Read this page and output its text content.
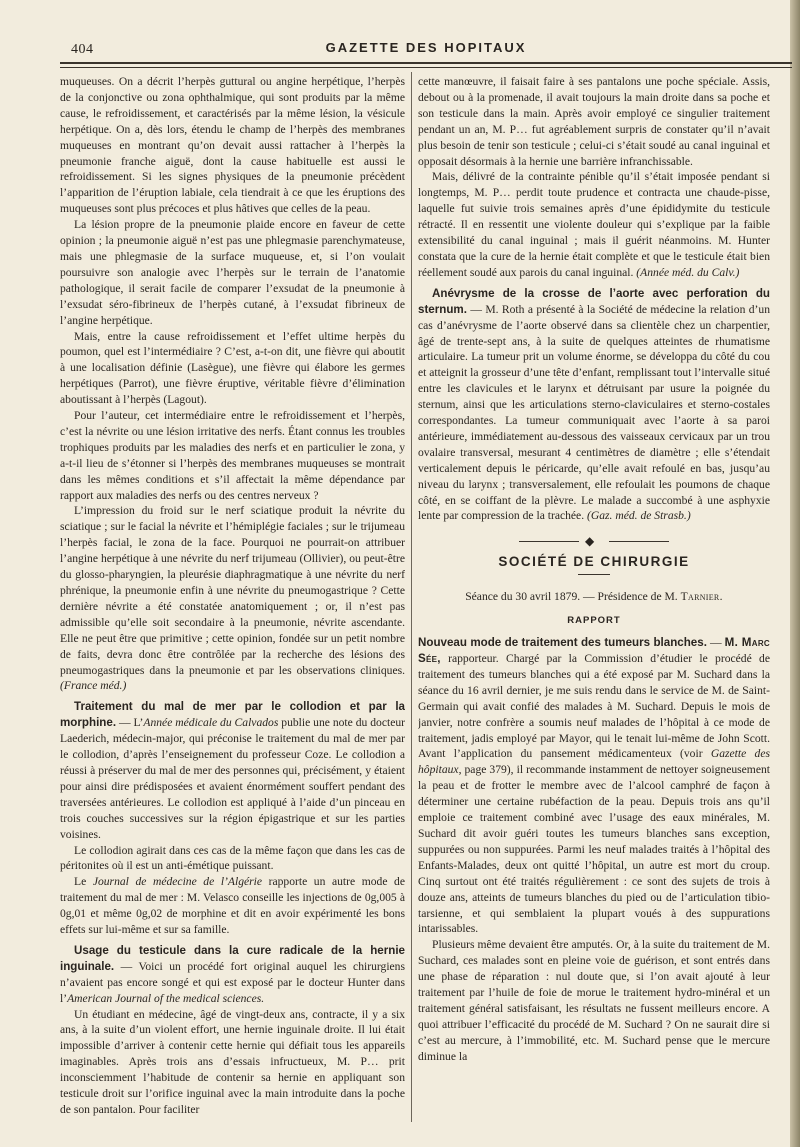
404	GAZETTE DES HOPITAUX

muqueuses. On a décrit l’herpès guttural ou angine herpétique, l’herpès de la conjonctive ou zona ophthalmique, qui sont produits par la même cause, le refroidissement, et caractérisés par la même lésion, la vésicule herpétique. On a, dès lors, étendu le champ de l’herpès des membranes muqueuses en montrant qu’on devait aussi rattacher à l’herpès la pneumonie franche aiguë, dont la cause habituelle est aussi le refroidissement. Si les signes physiques de la pneumonie précèdent l’apparition de l’éruption labiale, cela tiendrait à ce que les éruptions des muqueuses sont plus précoces et plus hâtives que celles de la peau.

La lésion propre de la pneumonie plaide encore en faveur de cette opinion ; la pneumonie aiguë n’est pas une phlegmasie parenchymateuse, mais une phlegmasie de la surface muqueuse, et, si l’on voulait poursuivre son analogie avec l’herpès sur le terrain de l’anatomie pathologique, il serait facile de comparer l’exsudat de la pneumonie à l’exsudat séro-fibrineux de l’herpès cutané, à l’exsudat fibrineux de l’angine herpétique.

Mais, entre la cause refroidissement et l’effet ultime herpès du poumon, quel est l’intermédiaire ? C’est, a-t-on dit, une fièvre qui aboutit à une localisation définie (Lasègue), une fièvre qui élabore les germes herpétiques (Parrot), une fièvre éruptive, véritable fièvre d’élimination aboutissant à l’herpès (Lagout).

Pour l’auteur, cet intermédiaire entre le refroidissement et l’herpès, c’est la névrite ou une lésion irritative des nerfs. Étant connus les troubles trophiques produits par les maladies des nerfs et en particulier le zona, y a-t-il lieu de s’étonner si l’herpès des membranes muqueuses se montrait dans les mêmes conditions et s’il affectait la même dépendance par rapport aux maladies des nerfs ou des centres nerveux ?

L’impression du froid sur le nerf sciatique produit la névrite du sciatique ; sur le facial la névrite et l’hémiplégie faciales ; sur le trijumeau l’herpès facial, le zona de la face. Pourquoi ne pourrait-on attribuer l’angine herpétique à une névrite du nerf trijumeau (Ollivier), ou peut-être du glosso-pharyngien, la pleurésie diaphragmatique à une névrite du nerf phrénique, la pneumonie enfin à une névrite du pneumogastrique ? Cette dernière névrite a été constatée anatomiquement ; or, il n’est pas admissible qu’elle soit secondaire à la pneumonie, névrite ascendante. Elle ne peut être que primitive ; cette opinion, fondée sur un petit nombre de faits, devra donc être contrôlée par la recherche des lésions des pneumogastriques dans la pneumonie et par les observations cliniques. (France méd.)

Traitement du mal de mer par le collodion et par la morphine. — L’Année médicale du Calvados publie une note du docteur Laederich, médecin-major, qui préconise le traitement du mal de mer par le collodion, d’après l’enseignement du professeur Coze. Le collodion a réussi à préserver du mal de mer des personnes qui, précisément, y étaient pour ainsi dire prédisposées et avaient énormément souffert pendant des traversées antérieures. Le collodion est appliqué à l’aide d’un pinceau en trois couches successives sur la région épigastrique et sur les parties voisines.

Le collodion agirait dans ces cas de la même façon que dans les cas de péritonites où il est un anti-émétique puissant.

Le Journal de médecine de l’Algérie rapporte un autre mode de traitement du mal de mer : M. Velasco conseille les injections de 0g,005 à 0g,01 et même 0g,02 de morphine et dit en avoir expérimenté les bons effets sur lui-même et sur sa famille.

Usage du testicule dans la cure radicale de la hernie inguinale. — Voici un procédé fort original auquel les chirurgiens n’avaient pas encore songé et qui est exposé par le docteur Hunter dans l’American Journal of the medical sciences.

Un étudiant en médecine, âgé de vingt-deux ans, contracte, il y a six ans, à la suite d’un violent effort, une hernie inguinale droite. Il lui était impossible d’arriver à contenir cette hernie qui défiait tous les appareils imaginables. Après trois ans d’essais infructueux, M. P… prit inconsciemment l’habitude de contenir sa hernie en appliquant son testicule droit sur l’orifice inguinal avec la main introduite dans la poche de son pantalon. Pour faciliter

cette manœuvre, il faisait faire à ses pantalons une poche spéciale. Assis, debout ou à la promenade, il avait toujours la main droite dans sa poche et son testicule dans la main. Après avoir employé ce singulier traitement pendant un an, M. P… fut agréablement surpris de constater qu’il n’avait plus besoin de tenir son testicule ; celui-ci s’était soudé au canal inguinal et opposait désormais à la hernie une barrière infranchissable.

Mais, délivré de la contrainte pénible qu’il s’était imposée pendant si longtemps, M. P… perdit toute prudence et contracta une chaude-pisse, laquelle fut suivie trois semaines après d’une épididymite du testicule rétracté. Il en ressentit une violente douleur qui s’explique par la faible extensibilité du canal inguinal ; mais il guérit néanmoins. M. Hunter constata que la cure de la hernie était complète et que le testicule était bien réellement soudé aux parois du canal inguinal. (Année méd. du Calv.)

Anévrysme de la crosse de l’aorte avec perforation du sternum. — M. Roth a présenté à la Société de médecine la relation d’un cas d’anévrysme de l’aorte observé dans sa clientèle chez un charpentier, âgé de trente-sept ans, à la suite de quelques atteintes de rhumatisme articulaire. La tumeur prit un volume énorme, se développa du côté du cou et atteignit la grosseur d’une tête d’enfant, remplissant tout l’intervalle situé entre les clavicules et le larynx et détruisant par usure la poignée du sternum, ainsi que les articulations sterno-claviculaires et sterno-costales correspondantes. La tumeur communiquait avec l’aorte à sa paroi antérieure, immédiatement au-dessous des vaisseaux cervicaux par un trou ovalaire transversal, mesurant 4 centimètres de diamètre ; elle s’étendait verticalement depuis le péricarde, qu’elle avait refoulé en bas, jusqu’au niveau du larynx ; transversalement, elle refoulait les poumons de chaque côté, en se coiffant de la plèvre. Le malade a succombé à une asphyxie lente par compression de la trachée. (Gaz. méd. de Strasb.)

◆
SOCIÉTÉ DE CHIRURGIE
Séance du 30 avril 1879. — Présidence de M. Tarnier.
RAPPORT

Nouveau mode de traitement des tumeurs blanches. — M. Marc Sée, rapporteur. Chargé par la Commission d’étudier le procédé de traitement des tumeurs blanches qui a été exposé par M. Suchard dans la séance du 16 avril dernier, je me suis rendu dans le service de M. de Saint-Germain qui avait confié des malades à M. Suchard. Depuis le mois de janvier, notre confrère a soumis neuf malades de l’hôpital à ce mode de traitement, jadis employé par Mayor, qui le tenait lui-même de John Scott. Avant l’application du pansement médicamenteux (voir Gazette des hôpitaux, page 379), il recommande instamment de nettoyer soigneusement la peau et de frotter le membre avec de l’alcool camphré de façon à déterminer une certaine rubéfaction de la peau. Depuis trois ans qu’il emploie ce traitement combiné avec l’usage des eaux minérales, M. Suchard dit avoir guéri toutes les tumeurs blanches sans exception, suppurées ou non suppurées. Parmi les neuf malades traités à l’hôpital des Enfants-Malades, deux ont quitté l’hôpital, un autre est mort du croup. Cinq surtout ont été traités régulièrement : ce sont des sujets de trois à douze ans, atteints de tumeurs blanches du pied ou de l’articulation tibio-tarsienne, et qui semblaient la plupart voués à des suppurations intarissables.

Plusieurs même devaient être amputés. Or, à la suite du traitement de M. Suchard, ces malades sont en pleine voie de guérison, et sont entrés dans une phase de réparation : nul doute que, si l’on avait ajouté à leur traitement par l’huile de foie de morue le traitement hydro-minéral et un traitement général satisfaisant, les résultats ne fussent meilleurs encore. A quoi attribuer l’efficacité du procédé de M. Suchard ? On ne saurait dire si c’est au mercure, à l’immobilité, etc. M. Suchard pense que le mercure diminue la
